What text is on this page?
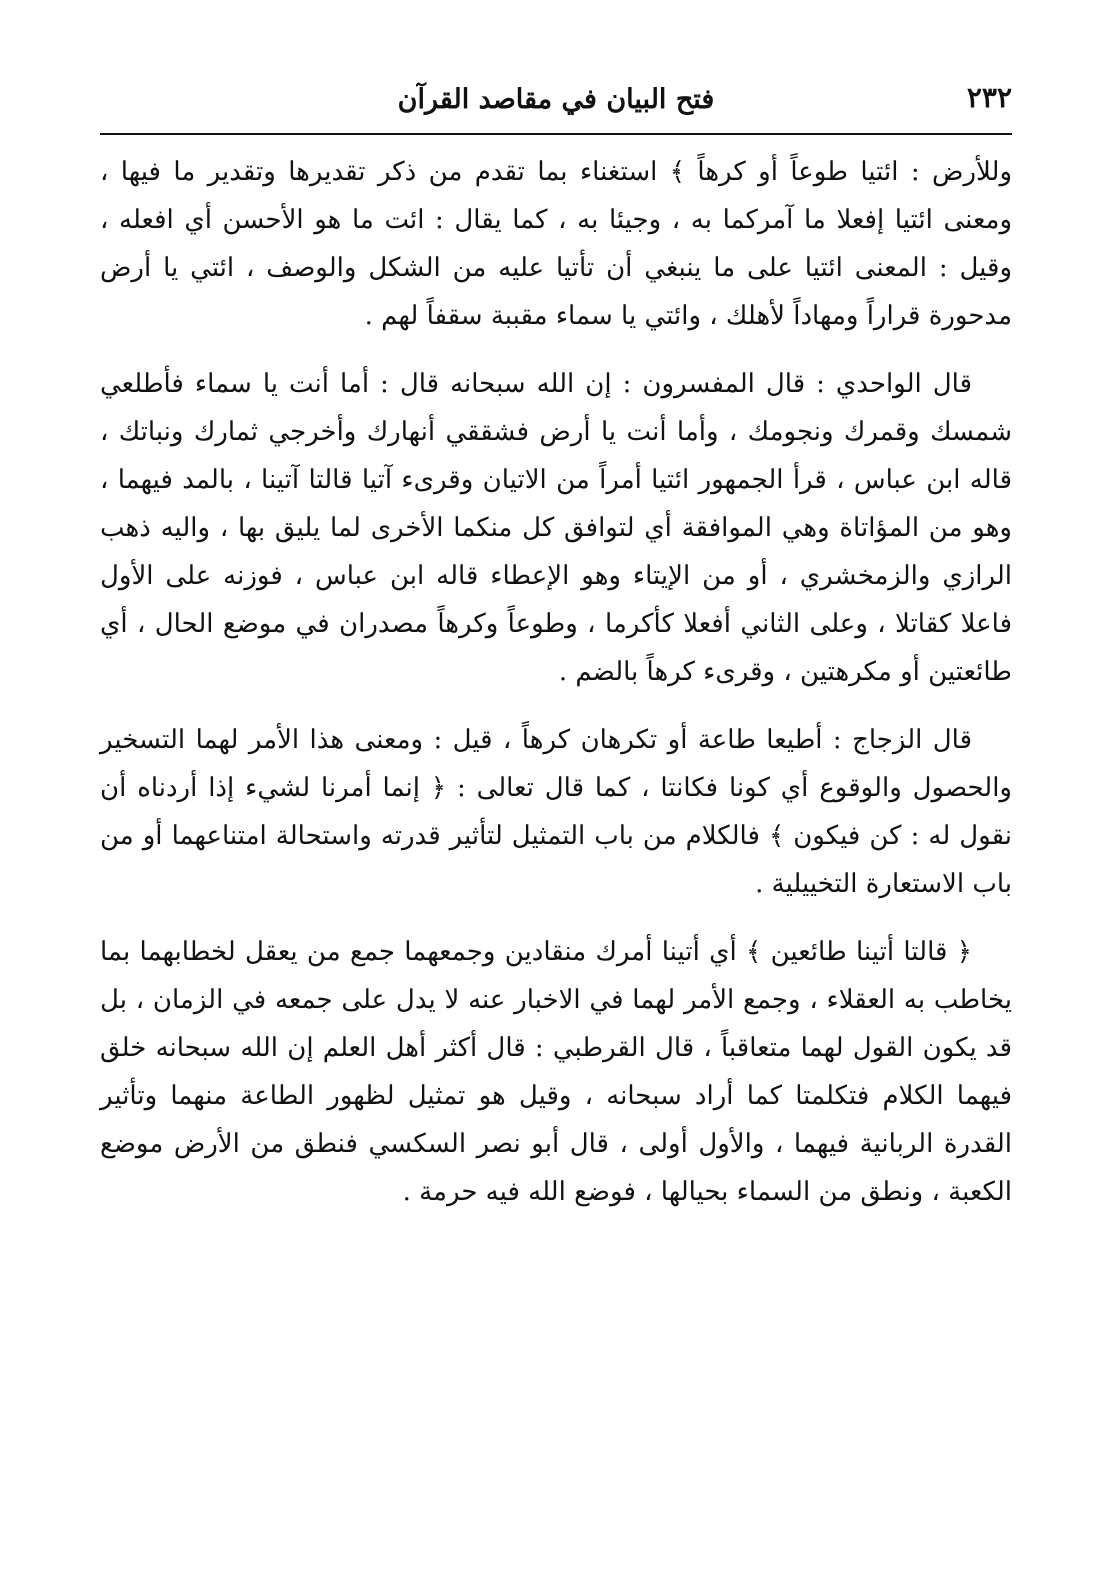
٢٣٢
فتح البيان في مقاصد القرآن

وللأرض : ائتيا طوعاً أو كرهاً ﴾ استغناء بما تقدم من ذكر تقديرها وتقدير ما فيها ، ومعنى ائتيا إفعلا ما آمركما به ، وجيئا به ، كما يقال : ائت ما هو الأحسن أي افعله ، وقيل : المعنى ائتيا على ما ينبغي أن تأتيا عليه من الشكل والوصف ، ائتي يا أرض مدحورة قراراً ومهاداً لأهلك ، وائتي يا سماء مقببة سقفاً لهم .

قال الواحدي : قال المفسرون : إن الله سبحانه قال : أما أنت يا سماء فأطلعي شمسك وقمرك ونجومك ، وأما أنت يا أرض فشققي أنهارك وأخرجي ثمارك ونباتك ، قاله ابن عباس ، قرأ الجمهور ائتيا أمراً من الاتيان وقرىء آتيا قالتا آتينا ، بالمد فيهما ، وهو من المؤاتاة وهي الموافقة أي لتوافق كل منكما الأخرى لما يليق بها ، واليه ذهب الرازي والزمخشري ، أو من الإيتاء وهو الإعطاء قاله ابن عباس ، فوزنه على الأول فاعلا كقاتلا ، وعلى الثاني أفعلا كأكرما ، وطوعاً وكرهاً مصدران في موضع الحال ، أي طائعتين أو مكرهتين ، وقرىء كرهاً بالضم .

قال الزجاج : أطيعا طاعة أو تكرهان كرهاً ، قيل : ومعنى هذا الأمر لهما التسخير والحصول والوقوع أي كونا فكانتا ، كما قال تعالى : ﴿ إنما أمرنا لشيء إذا أردناه أن نقول له : كن فيكون ﴾ فالكلام من باب التمثيل لتأثير قدرته واستحالة امتناعهما أو من باب الاستعارة التخييلية .

﴿ قالتا أتينا طائعين ﴾ أي أتينا أمرك منقادين وجمعهما جمع من يعقل لخطابهما بما يخاطب به العقلاء ، وجمع الأمر لهما في الاخبار عنه لا يدل على جمعه في الزمان ، بل قد يكون القول لهما متعاقباً ، قال القرطبي : قال أكثر أهل العلم إن الله سبحانه خلق فيهما الكلام فتكلمتا كما أراد سبحانه ، وقيل هو تمثيل لظهور الطاعة منهما وتأثير القدرة الربانية فيهما ، والأول أولى ، قال أبو نصر السكسي فنطق من الأرض موضع الكعبة ، ونطق من السماء بحيالها ، فوضع الله فيه حرمة .
